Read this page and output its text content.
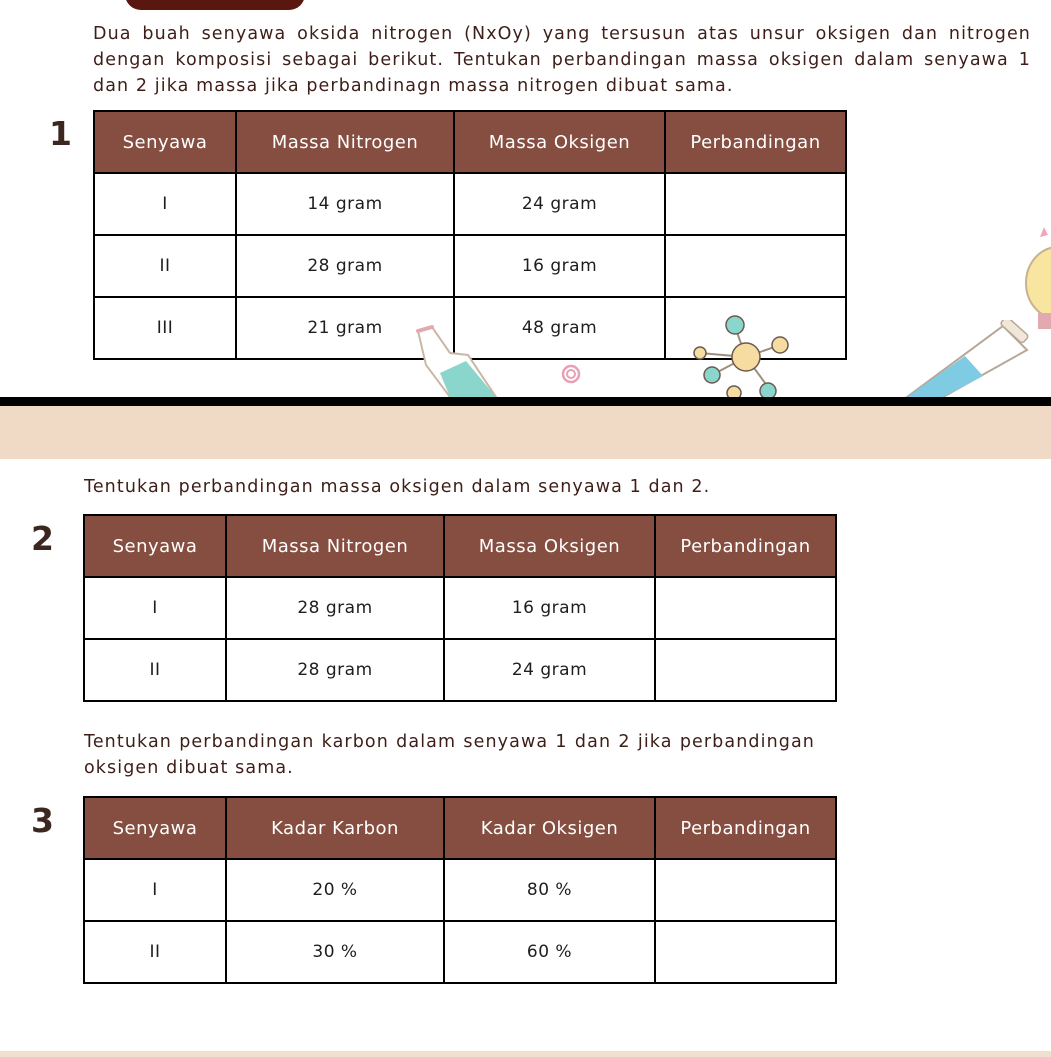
Dua buah senyawa oksida nitrogen (NxOy) yang tersusun atas unsur oksigen dan nitrogen dengan komposisi sebagai berikut. Tentukan perbandingan massa oksigen dalam senyawa 1 dan 2 jika massa jika perbandinagn massa nitrogen dibuat sama.

1	Senyawa	Massa Nitrogen	Massa Oksigen	Perbandingan
I	14 gram	24 gram	
II	28 gram	16 gram	
III	21 gram	48 gram	

Tentukan perbandingan massa oksigen dalam senyawa 1 dan 2.

2	Senyawa	Massa Nitrogen	Massa Oksigen	Perbandingan
I	28 gram	16 gram	
II	28 gram	24 gram	

Tentukan perbandingan karbon dalam senyawa 1 dan 2 jika perbandingan oksigen dibuat sama.

3	Senyawa	Kadar Karbon	Kadar Oksigen	Perbandingan
I	20 %	80 %	
II	30 %	60 %	
